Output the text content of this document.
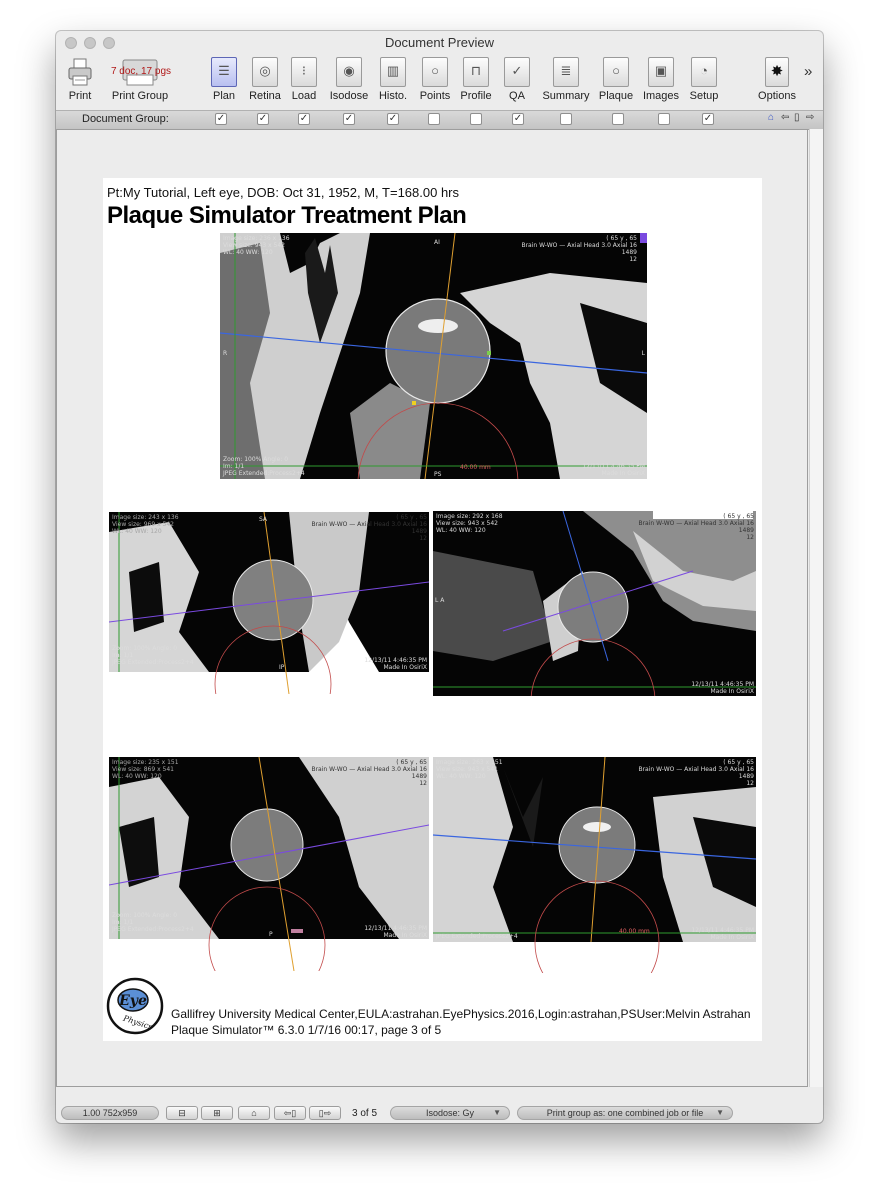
Document Preview
Print
7 doc, 17 pgs
Print Group
☰
Plan
◎
Retina
⁝
Load
◉
Isodose
▥
Histo.
○
Points
⊓
Profile
✓
QA
≣
Summary
○
Plaque
▣
Images
◔
Setup
✸
Options
»
Document Group:	✓	✓	✓	✓	✓	✓	✓	⌂ ⇦ ▯ ⇨
Pt:My Tutorial, Left eye, DOB: Oct 31, 1952, M, T=168.00 hrs
Plaque Simulator Treatment Plan
Image size: 236 x 136
View size: 943 x 542
WL: 40 WW: 120
( 65 y , 65
Brain W-WO — Axial Head 3.0 Axial 16
1489
12
Zoom: 100% Angle: 0
Im: 1/1
JPEG Extended:Process2+4
12/13/11 4:46:35 PM
Made In OsiriX
AI
R	L
PS
40.00 mm
Image size: 243 x 136
View size: 969 x 542
WL: 40 WW: 120
( 65 y , 65
Brain W-WO — Axial Head 3.0 Axial 16
1489
12
Zoom: 100% Angle: 0
Im: 1/1
JPEG Extended:Process2+4	12/13/11 4:46:35 PM
Made In OsiriX
SA
IP
Image size: 292 x 168
View size: 943 x 542
WL: 40 WW: 120
( 65 y , 65
Brain W-WO — Axial Head 3.0 Axial 16
1489
12
12/13/11 4:46:35 PM
Made In OsiriX
L A
Image size: 235 x 151
View size: 869 x 541
WL: 40 WW: 120
( 65 y , 65
Brain W-WO — Axial Head 3.0 Axial 16
1489
12
Zoom: 100% Angle: 0
Im: 1/1
JPEG Extended:Process2+4	12/13/11 4:46:35 PM
Made In OsiriX
P
Image size: 263 x 151
View size: 943 x 541
WL: 40 WW: 120
( 65 y , 65
Brain W-WO — Axial Head 3.0 Axial 16
1489
12
JPEG Extended:Process2+4
12/13/11 4:46:35 PM
Made In OsiriX
40.00 mm
Eye
Physics Gallifrey University Medical Center,EULA:astrahan.EyePhysics.2016,Login:astrahan,PSUser:Melvin Astrahan
Plaque Simulator™ 6.3.0 1/7/16 00:17, page 3 of 5
1.00 752x959	⊟	⊞	⌂	⇦▯	▯⇨	3 of 5	Isodose: Gy ▼	Print group as: one combined job or file ▼
